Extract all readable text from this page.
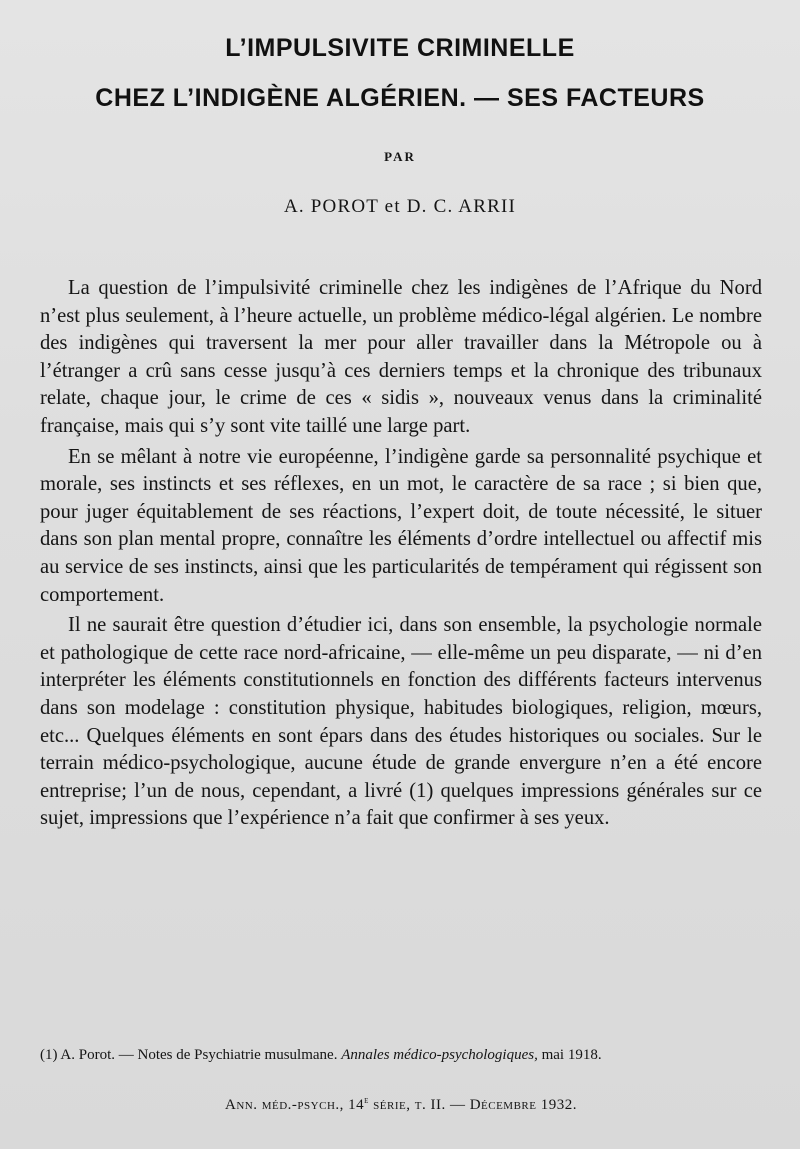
L’IMPULSIVITE CRIMINELLE
CHEZ L’INDIGÈNE ALGÉRIEN. — SES FACTEURS
PAR
A. POROT et D. C. ARRII

La question de l’impulsivité criminelle chez les indigènes de l’Afrique du Nord n’est plus seulement, à l’heure actuelle, un problème médico-légal algérien. Le nombre des indigènes qui traversent la mer pour aller travailler dans la Métropole ou à l’étranger a crû sans cesse jusqu’à ces derniers temps et la chronique des tribunaux relate, chaque jour, le crime de ces « sidis », nouveaux venus dans la criminalité française, mais qui s’y sont vite taillé une large part.

En se mêlant à notre vie européenne, l’indigène garde sa personnalité psychique et morale, ses instincts et ses réflexes, en un mot, le caractère de sa race ; si bien que, pour juger équitablement de ses réactions, l’expert doit, de toute nécessité, le situer dans son plan mental propre, connaître les éléments d’ordre intellectuel ou affectif mis au service de ses instincts, ainsi que les particularités de tempérament qui régissent son comportement.

Il ne saurait être question d’étudier ici, dans son ensemble, la psychologie normale et pathologique de cette race nord-africaine, — elle-même un peu disparate, — ni d’en interpréter les éléments constitutionnels en fonction des différents facteurs intervenus dans son modelage : constitution physique, habitudes biologiques, religion, mœurs, etc... Quelques éléments en sont épars dans des études historiques ou sociales. Sur le terrain médico-psychologique, aucune étude de grande envergure n’en a été encore entreprise; l’un de nous, cependant, a livré (1) quelques impressions générales sur ce sujet, impressions que l’expérience n’a fait que confirmer à ses yeux.

(1) A. Porot. — Notes de Psychiatrie musulmane. Annales médico-psychologiques, mai 1918.
Ann. méd.-psych., 14e série, t. II. — Décembre 1932.
